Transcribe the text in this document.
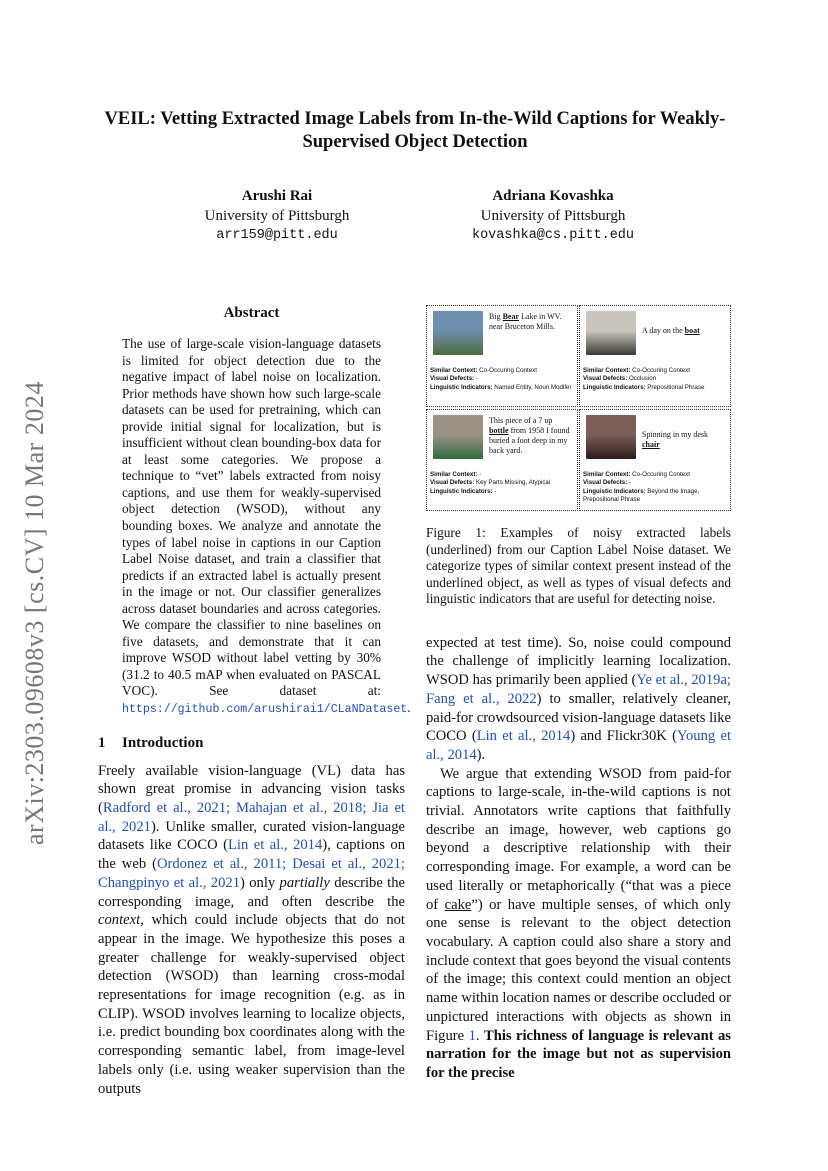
arXiv:2303.09608v3 [cs.CV] 10 Mar 2024
VEIL: Vetting Extracted Image Labels from In-the-Wild Captions for Weakly-Supervised Object Detection
Arushi Rai
University of Pittsburgh
arr159@pitt.edu
Adriana Kovashka
University of Pittsburgh
kovashka@cs.pitt.edu
Abstract
The use of large-scale vision-language datasets is limited for object detection due to the negative impact of label noise on localization. Prior methods have shown how such large-scale datasets can be used for pretraining, which can provide initial signal for localization, but is insufficient without clean bounding-box data for at least some categories. We propose a technique to “vet” labels extracted from noisy captions, and use them for weakly-supervised object detection (WSOD), without any bounding boxes. We analyze and annotate the types of label noise in captions in our Caption Label Noise dataset, and train a classifier that predicts if an extracted label is actually present in the image or not. Our classifier generalizes across dataset boundaries and across categories. We compare the classifier to nine baselines on five datasets, and demonstrate that it can improve WSOD without label vetting by 30% (31.2 to 40.5 mAP when evaluated on PASCAL VOC). See dataset at: https://github.com/arushirai1/CLaNDataset.
1 Introduction

Freely available vision-language (VL) data has shown great promise in advancing vision tasks (Radford et al., 2021; Mahajan et al., 2018; Jia et al., 2021). Unlike smaller, curated vision-language datasets like COCO (Lin et al., 2014), captions on the web (Ordonez et al., 2011; Desai et al., 2021; Changpinyo et al., 2021) only partially describe the corresponding image, and often describe the context, which could include objects that do not appear in the image. We hypothesize this poses a greater challenge for weakly-supervised object detection (WSOD) than learning cross-modal representations for image recognition (e.g. as in CLIP). WSOD involves learning to localize objects, i.e. predict bounding box coordinates along with the corresponding semantic label, from image-level labels only (i.e. using weaker supervision than the outputs

Big Bear Lake in WV. near Bruceton Mills.
Similar Context: Co-Occuring Context
Visual Defects: -
Linguistic Indicators: Named Entity, Noun Modifer
A day on the boat
Similar Context: Co-Occuring Context
Visual Defects: Occlusion
Linguistic Indicators: Prepositional Phrase
This piece of a 7 up bottle from 1958 I found buried a foot deep in my back yard.
Similar Context: -
Visual Defects: Key Parts Missing, Atypical
Linguistic Indicators: -
Spinning in my desk chair
Similar Context: Co-Occuring Context
Visual Defects: -
Linguistic Indicators: Beyond the Image, Prepositional Phrase
Figure 1: Examples of noisy extracted labels (underlined) from our Caption Label Noise dataset. We categorize types of similar context present instead of the underlined object, as well as types of visual defects and linguistic indicators that are useful for detecting noise.

expected at test time). So, noise could compound the challenge of implicitly learning localization. WSOD has primarily been applied (Ye et al., 2019a; Fang et al., 2022) to smaller, relatively cleaner, paid-for crowdsourced vision-language datasets like COCO (Lin et al., 2014) and Flickr30K (Young et al., 2014).

We argue that extending WSOD from paid-for captions to large-scale, in-the-wild captions is not trivial. Annotators write captions that faithfully describe an image, however, web captions go beyond a descriptive relationship with their corresponding image. For example, a word can be used literally or metaphorically (“that was a piece of cake”) or have multiple senses, of which only one sense is relevant to the object detection vocabulary. A caption could also share a story and include context that goes beyond the visual contents of the image; this context could mention an object name within location names or describe occluded or unpictured interactions with objects as shown in Figure 1. This richness of language is relevant as narration for the image but not as supervision for the precise
